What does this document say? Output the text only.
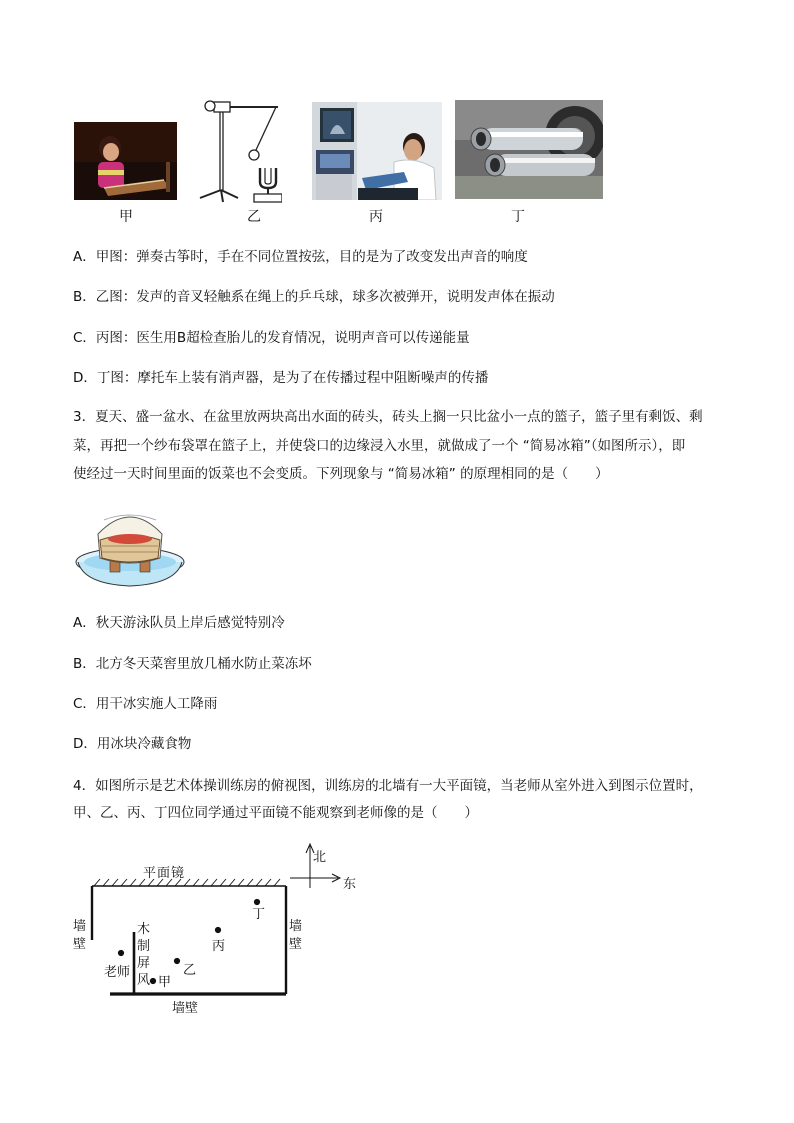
甲	乙	丙	丁
A．甲图：弹奏古筝时，手在不同位置按弦，目的是为了改变发出声音的响度
B．乙图：发声的音叉轻触系在绳上的乒乓球，球多次被弹开，说明发声体在振动
C．丙图：医生用B超检查胎儿的发育情况，说明声音可以传递能量
D．丁图：摩托车上装有消声器，是为了在传播过程中阻断噪声的传播
3．夏天、盛一盆水、在盆里放两块高出水面的砖头，砖头上搁一只比盆小一点的篮子，篮子里有剩饭、剩
菜，再把一个纱布袋罩在篮子上，并使袋口的边缘浸入水里，就做成了一个 “简易冰箱”（如图所示），即
使经过一天时间里面的饭菜也不会变质。下列现象与 “简易冰箱” 的原理相同的是（　　）
A．秋天游泳队员上岸后感觉特别冷
B．北方冬天菜窖里放几桶水防止菜冻坏
C．用干冰实施人工降雨
D．用冰块冷藏食物
4．如图所示是艺术体操训练房的俯视图，训练房的北墙有一大平面镜，当老师从室外进入到图示位置时，
甲、乙、丙、丁四位同学通过平面镜不能观察到老师像的是（　　）
北
东
平面镜
墙壁
墙壁
墙壁
木制屏风
老师
甲
乙
丙
丁
